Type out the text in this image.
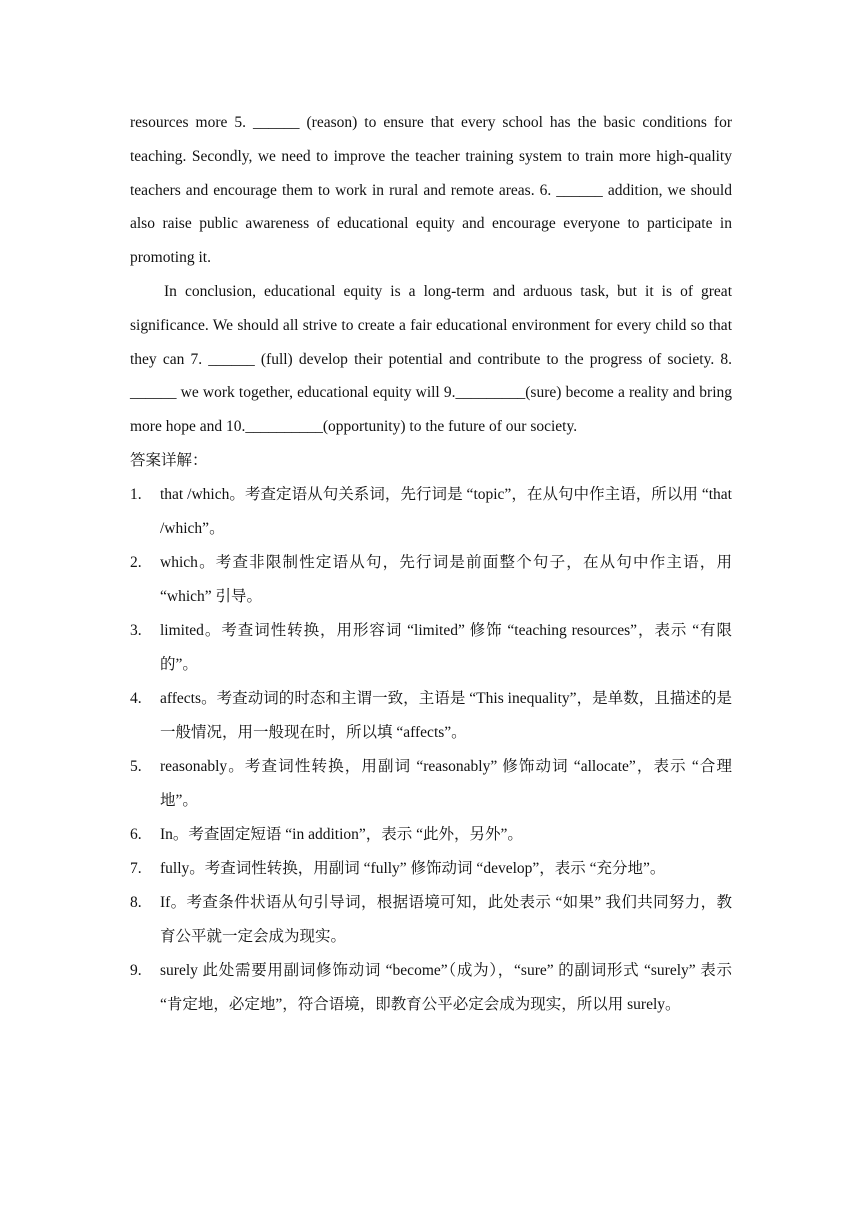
resources more 5. ______ (reason) to ensure that every school has the basic conditions for teaching. Secondly, we need to improve the teacher training system to train more high-quality teachers and encourage them to work in rural and remote areas. 6. ______ addition, we should also raise public awareness of educational equity and encourage everyone to participate in promoting it.

In conclusion, educational equity is a long-term and arduous task, but it is of great significance. We should all strive to create a fair educational environment for every child so that they can 7. ______ (full) develop their potential and contribute to the progress of society. 8. ______ we work together, educational equity will 9._________(sure) become a reality and bring more hope and 10.__________(opportunity) to the future of our society.

答案详解：

1. that /which。考查定语从句关系词，先行词是 “topic”，在从句中作主语，所以用 “that /which”。
2. which。考查非限制性定语从句，先行词是前面整个句子，在从句中作主语，用 “which” 引导。
3. limited。考查词性转换，用形容词 “limited” 修饰 “teaching resources”，表示 “有限的”。
4. affects。考查动词的时态和主谓一致，主语是 “This inequality”，是单数，且描述的是一般情况，用一般现在时，所以填 “affects”。
5. reasonably。考查词性转换，用副词 “reasonably” 修饰动词 “allocate”，表示 “合理地”。
6. In。考查固定短语 “in addition”，表示 “此外，另外”。
7. fully。考查词性转换，用副词 “fully” 修饰动词 “develop”，表示 “充分地”。
8. If。考查条件状语从句引导词，根据语境可知，此处表示 “如果” 我们共同努力，教育公平就一定会成为现实。
9. surely 此处需要用副词修饰动词 “become”（成为），“sure” 的副词形式 “surely” 表示 “肯定地，必定地”，符合语境，即教育公平必定会成为现实，所以用 surely。
